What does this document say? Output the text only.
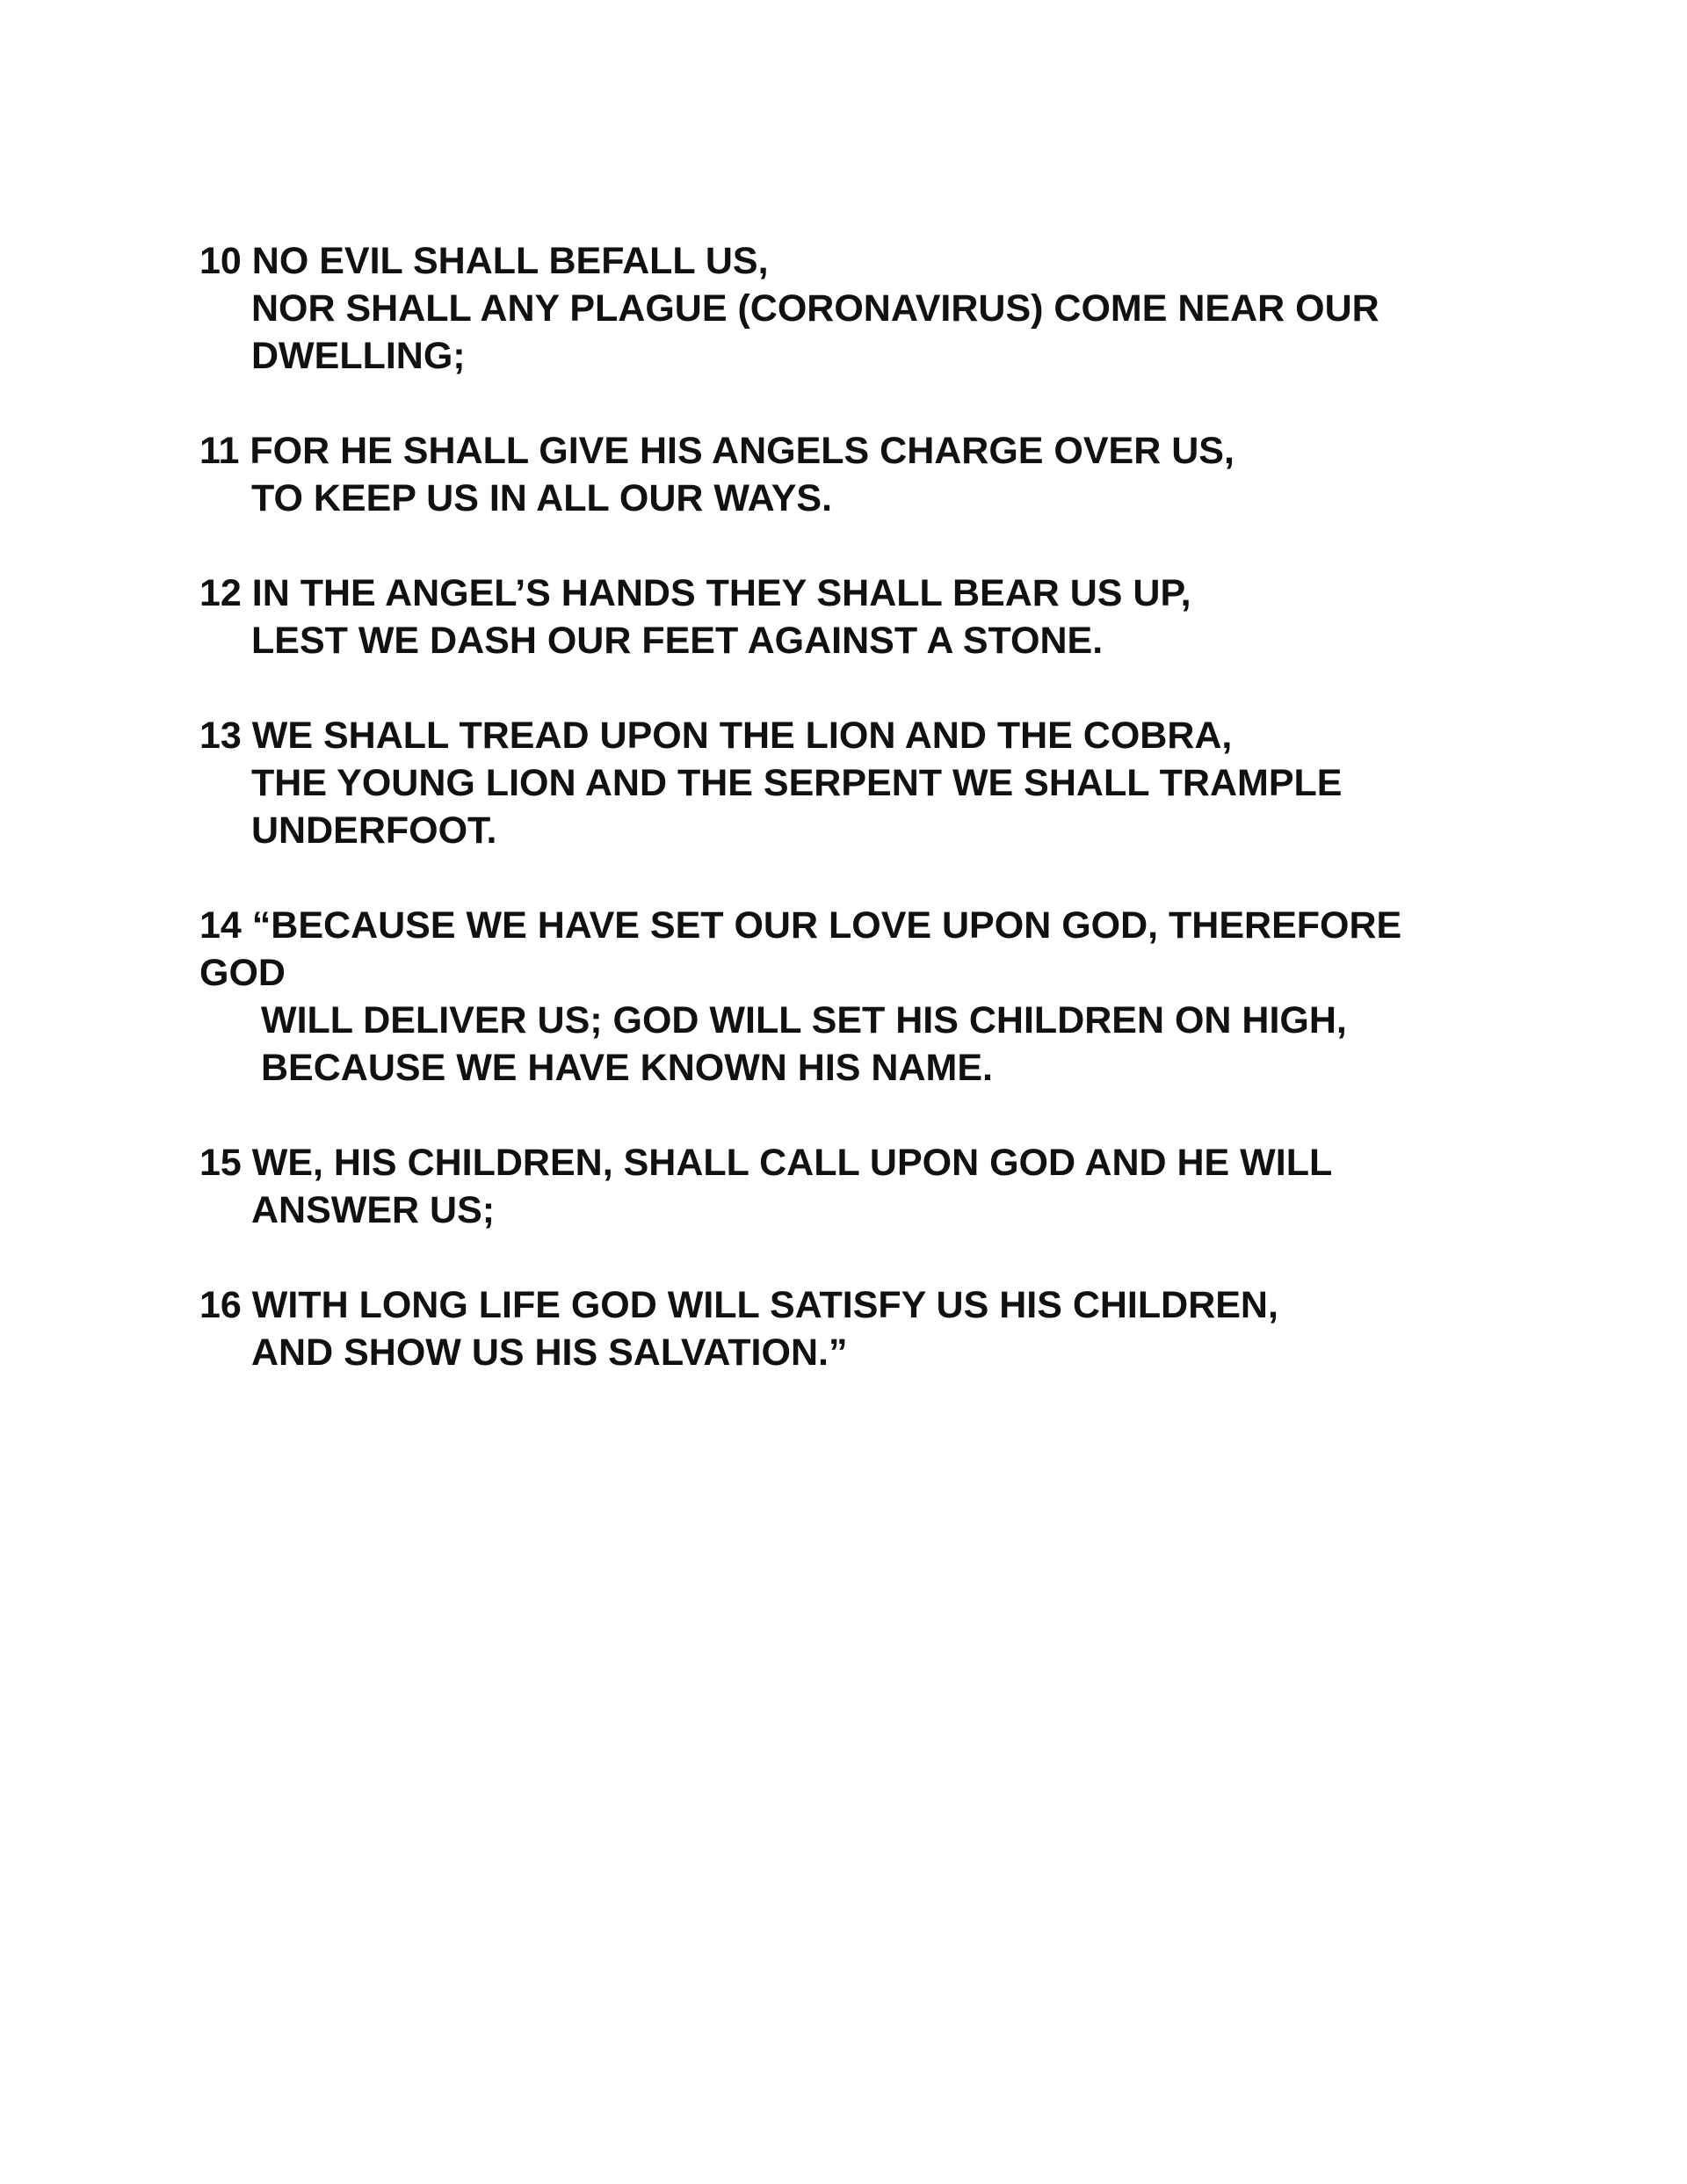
10 NO EVIL SHALL BEFALL US,
NOR SHALL ANY PLAGUE (CORONAVIRUS) COME NEAR OUR
DWELLING;
11 FOR HE SHALL GIVE HIS ANGELS CHARGE OVER US,
TO KEEP US IN ALL OUR WAYS.
12 IN THE ANGEL’S HANDS THEY SHALL BEAR US UP,
LEST WE DASH OUR FEET AGAINST A STONE.
13 WE SHALL TREAD UPON THE LION AND THE COBRA,
THE YOUNG LION AND THE SERPENT WE SHALL TRAMPLE
UNDERFOOT.
14 “BECAUSE WE HAVE SET OUR LOVE UPON GOD, THEREFORE
GOD
WILL DELIVER US; GOD WILL SET HIS CHILDREN ON HIGH,
BECAUSE WE HAVE KNOWN HIS NAME.
15 WE, HIS CHILDREN, SHALL CALL UPON GOD AND HE WILL
ANSWER US;
16 WITH LONG LIFE GOD WILL SATISFY US HIS CHILDREN,
AND SHOW US HIS SALVATION.”
